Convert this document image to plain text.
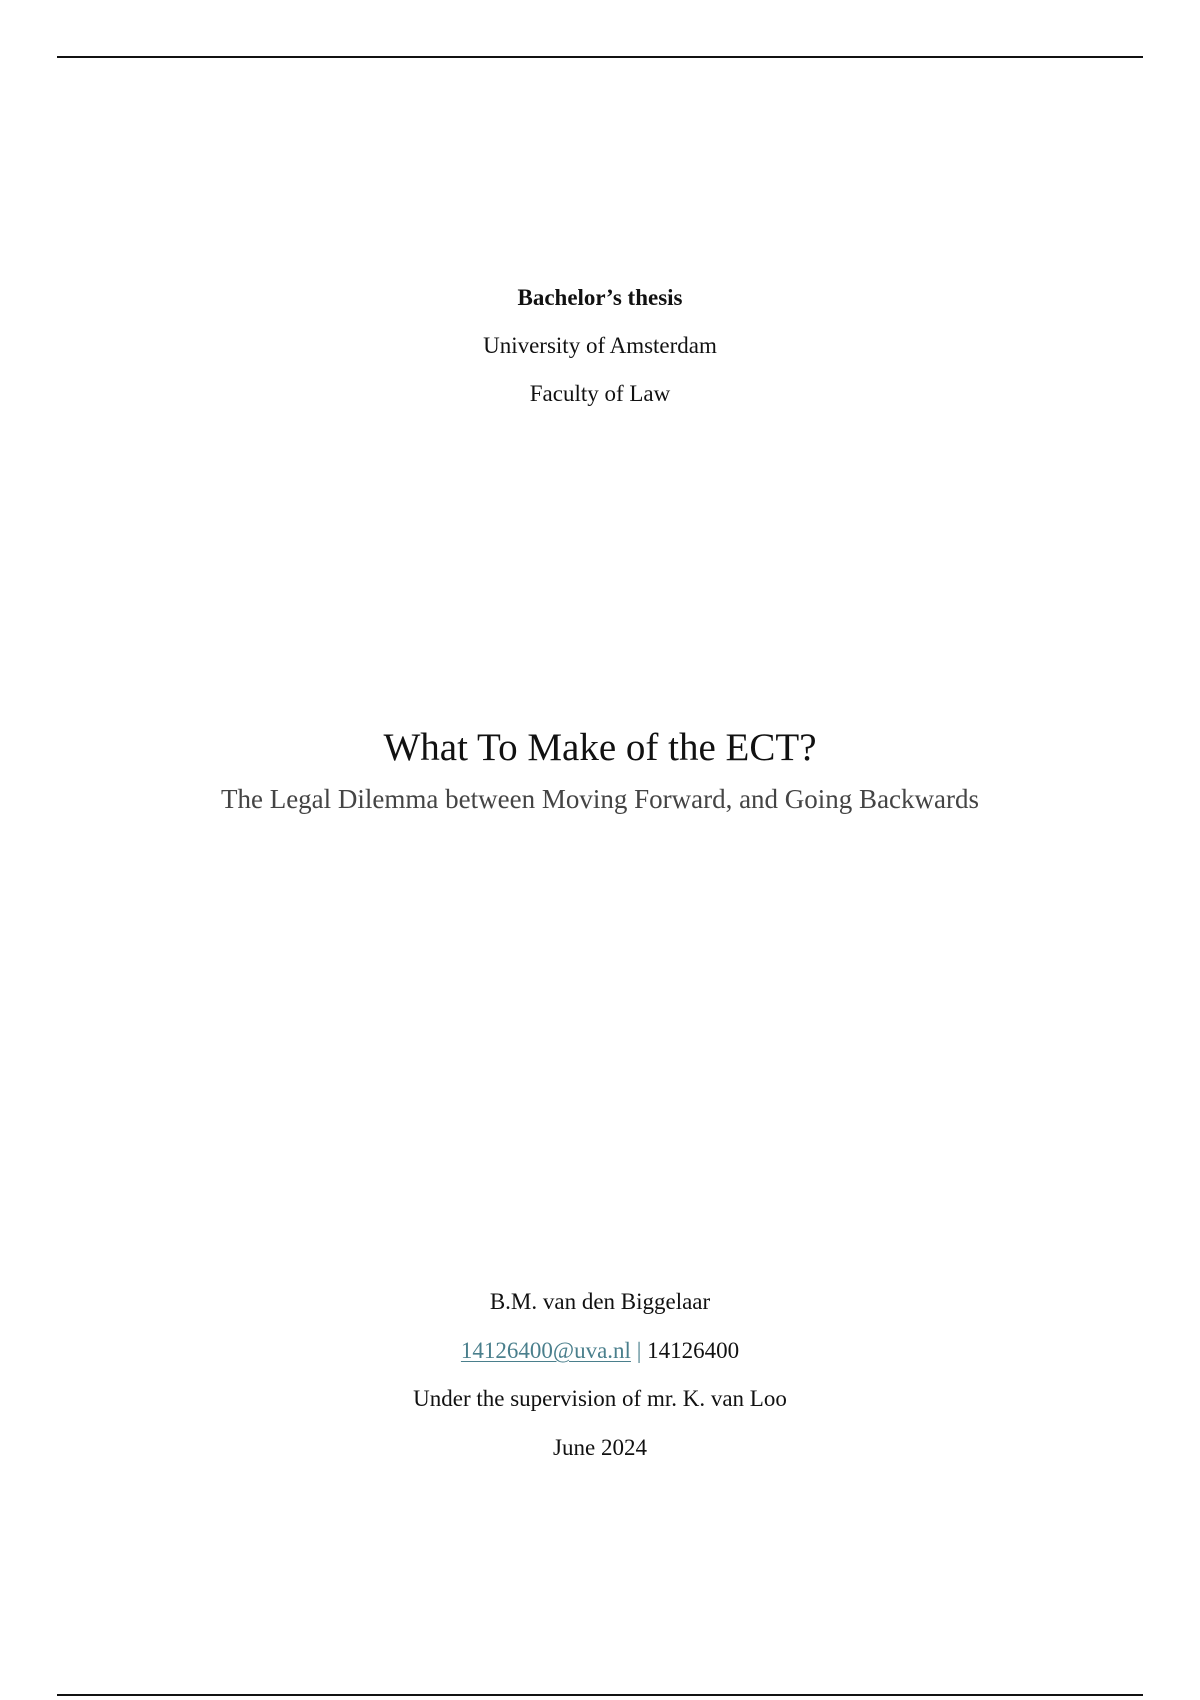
Bachelor’s thesis
University of Amsterdam
Faculty of Law
What To Make of the ECT?
The Legal Dilemma between Moving Forward, and Going Backwards
B.M. van den Biggelaar
14126400@uva.nl | 14126400
Under the supervision of mr. K. van Loo
June 2024
